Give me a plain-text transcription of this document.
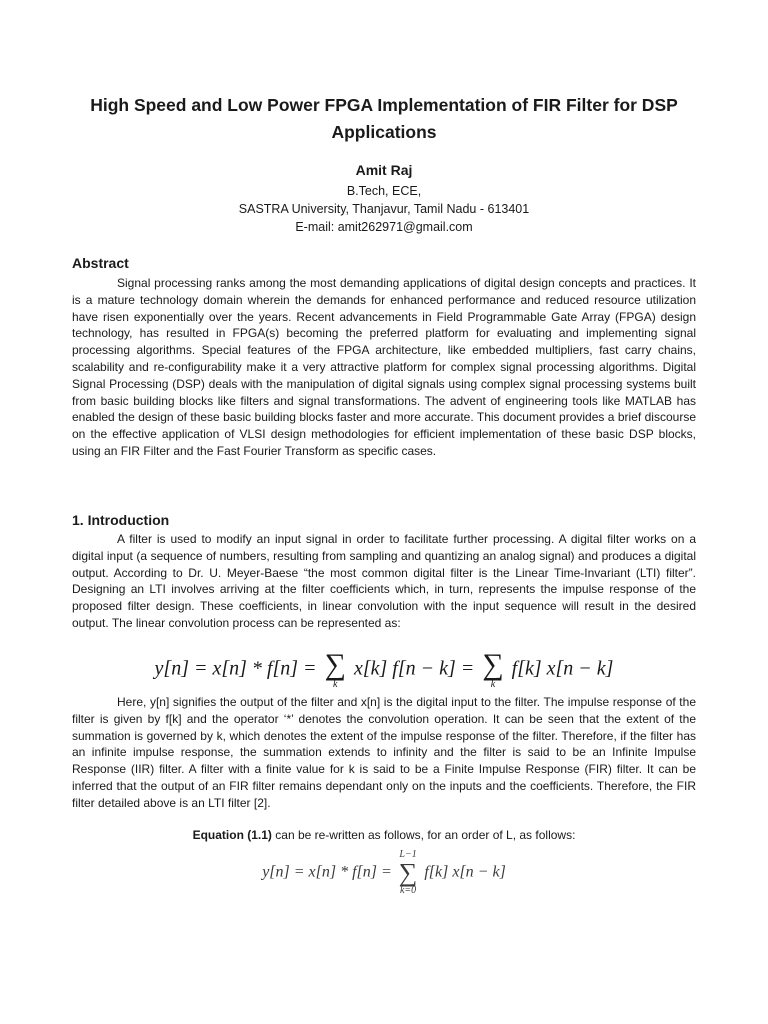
High Speed and Low Power FPGA Implementation of FIR Filter for DSP Applications
Amit Raj
B.Tech, ECE,
SASTRA University, Thanjavur, Tamil Nadu - 613401
E-mail: amit262971@gmail.com
Abstract

Signal processing ranks among the most demanding applications of digital design concepts and practices. It is a mature technology domain wherein the demands for enhanced performance and reduced resource utilization have risen exponentially over the years. Recent advancements in Field Programmable Gate Array (FPGA) design technology, has resulted in FPGA(s) becoming the preferred platform for evaluating and implementing signal processing algorithms. Special features of the FPGA architecture, like embedded multipliers, fast carry chains, scalability and re-configurability make it a very attractive platform for complex signal processing algorithms. Digital Signal Processing (DSP) deals with the manipulation of digital signals using complex signal processing systems built from basic building blocks like filters and signal transformations. The advent of engineering tools like MATLAB has enabled the design of these basic building blocks faster and more accurate. This document provides a brief discourse on the effective application of VLSI design methodologies for efficient implementation of these basic DSP blocks, using an FIR Filter and the Fast Fourier Transform as specific cases.

1. Introduction

A filter is used to modify an input signal in order to facilitate further processing. A digital filter works on a digital input (a sequence of numbers, resulting from sampling and quantizing an analog signal) and produces a digital output. According to Dr. U. Meyer-Baese “the most common digital filter is the Linear Time-Invariant (LTI) filter”. Designing an LTI involves arriving at the filter coefficients which, in turn, represents the impulse response of the proposed filter design. These coefficients, in linear convolution with the input sequence will result in the desired output. The linear convolution process can be represented as:

y[n] = x[n] * f[n] = ∑
k
x[k] f[n − k] = ∑
k
f[k] x[n − k]

Here, y[n] signifies the output of the filter and x[n] is the digital input to the filter. The impulse response of the filter is given by f[k] and the operator ‘*’ denotes the convolution operation. It can be seen that the extent of the summation is governed by k, which denotes the extent of the impulse response of the filter. Therefore, if the filter has an infinite impulse response, the summation extends to infinity and the filter is said to be an Infinite Impulse Response (IIR) filter. A filter with a finite value for k is said to be a Finite Impulse Response (FIR) filter. It can be inferred that the output of an FIR filter remains dependant only on the inputs and the coefficients. Therefore, the FIR filter detailed above is an LTI filter [2].

Equation (1.1) can be re-written as follows, for an order of L, as follows:
y[n] = x[n] * f[n] =
L−1
∑
k=0
f[k] x[n − k]
